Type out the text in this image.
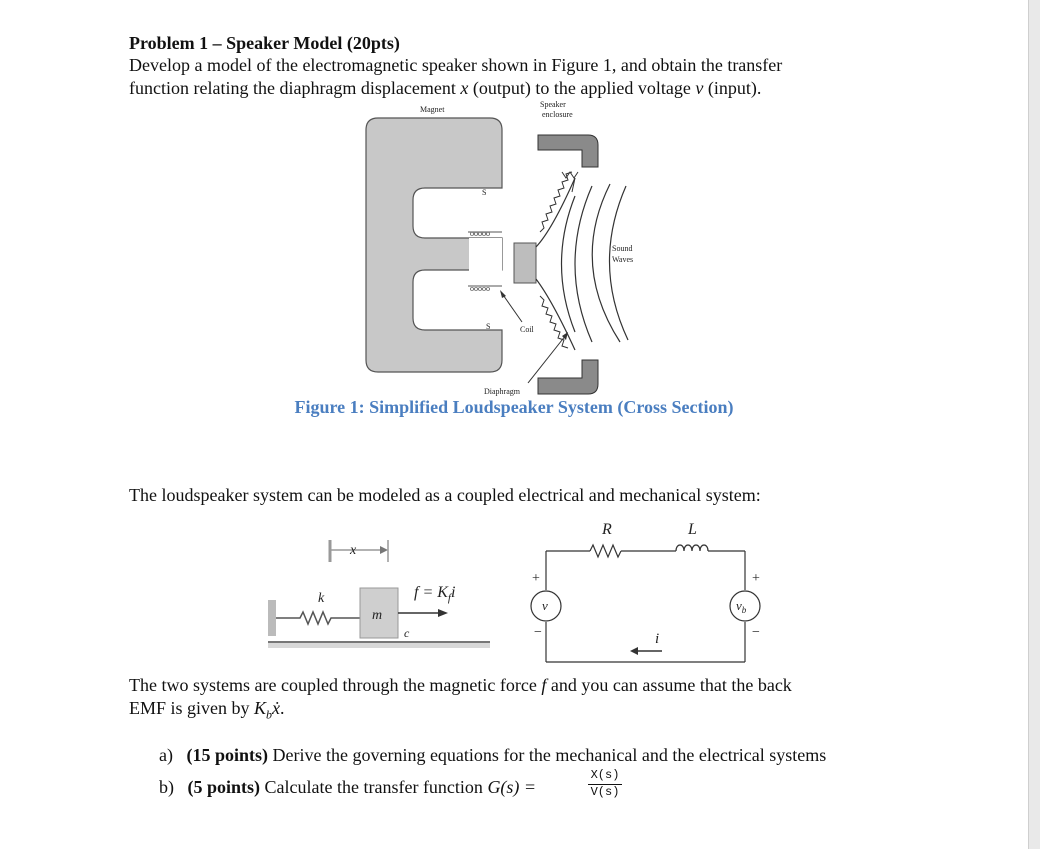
Problem 1 – Speaker Model (20pts)
Develop a model of the electromagnetic speaker shown in Figure 1, and obtain the transfer
function relating the diaphragm displacement x (output) to the applied voltage v (input).
ooooo
ooooo
Magnet
Speaker
enclosure
S
S	Coil
Sound
Waves
Diaphragm
Figure 1: Simplified Loudspeaker System (Cross Section)
The loudspeaker system can be modeled as a coupled electrical and mechanical system:
x
k
m
c
$f = K_fi$
R	L
v	$v_b$
+
−
+
−
i
The two systems are coupled through the magnetic force f and you can assume that the back
EMF is given by $K_bẋ$.
a) (15 points) Derive the governing equations for the mechanical and the electrical systems
b) (5 points) Calculate the transfer function G(s) =	$\frac{X(s)}{V(s)}$
